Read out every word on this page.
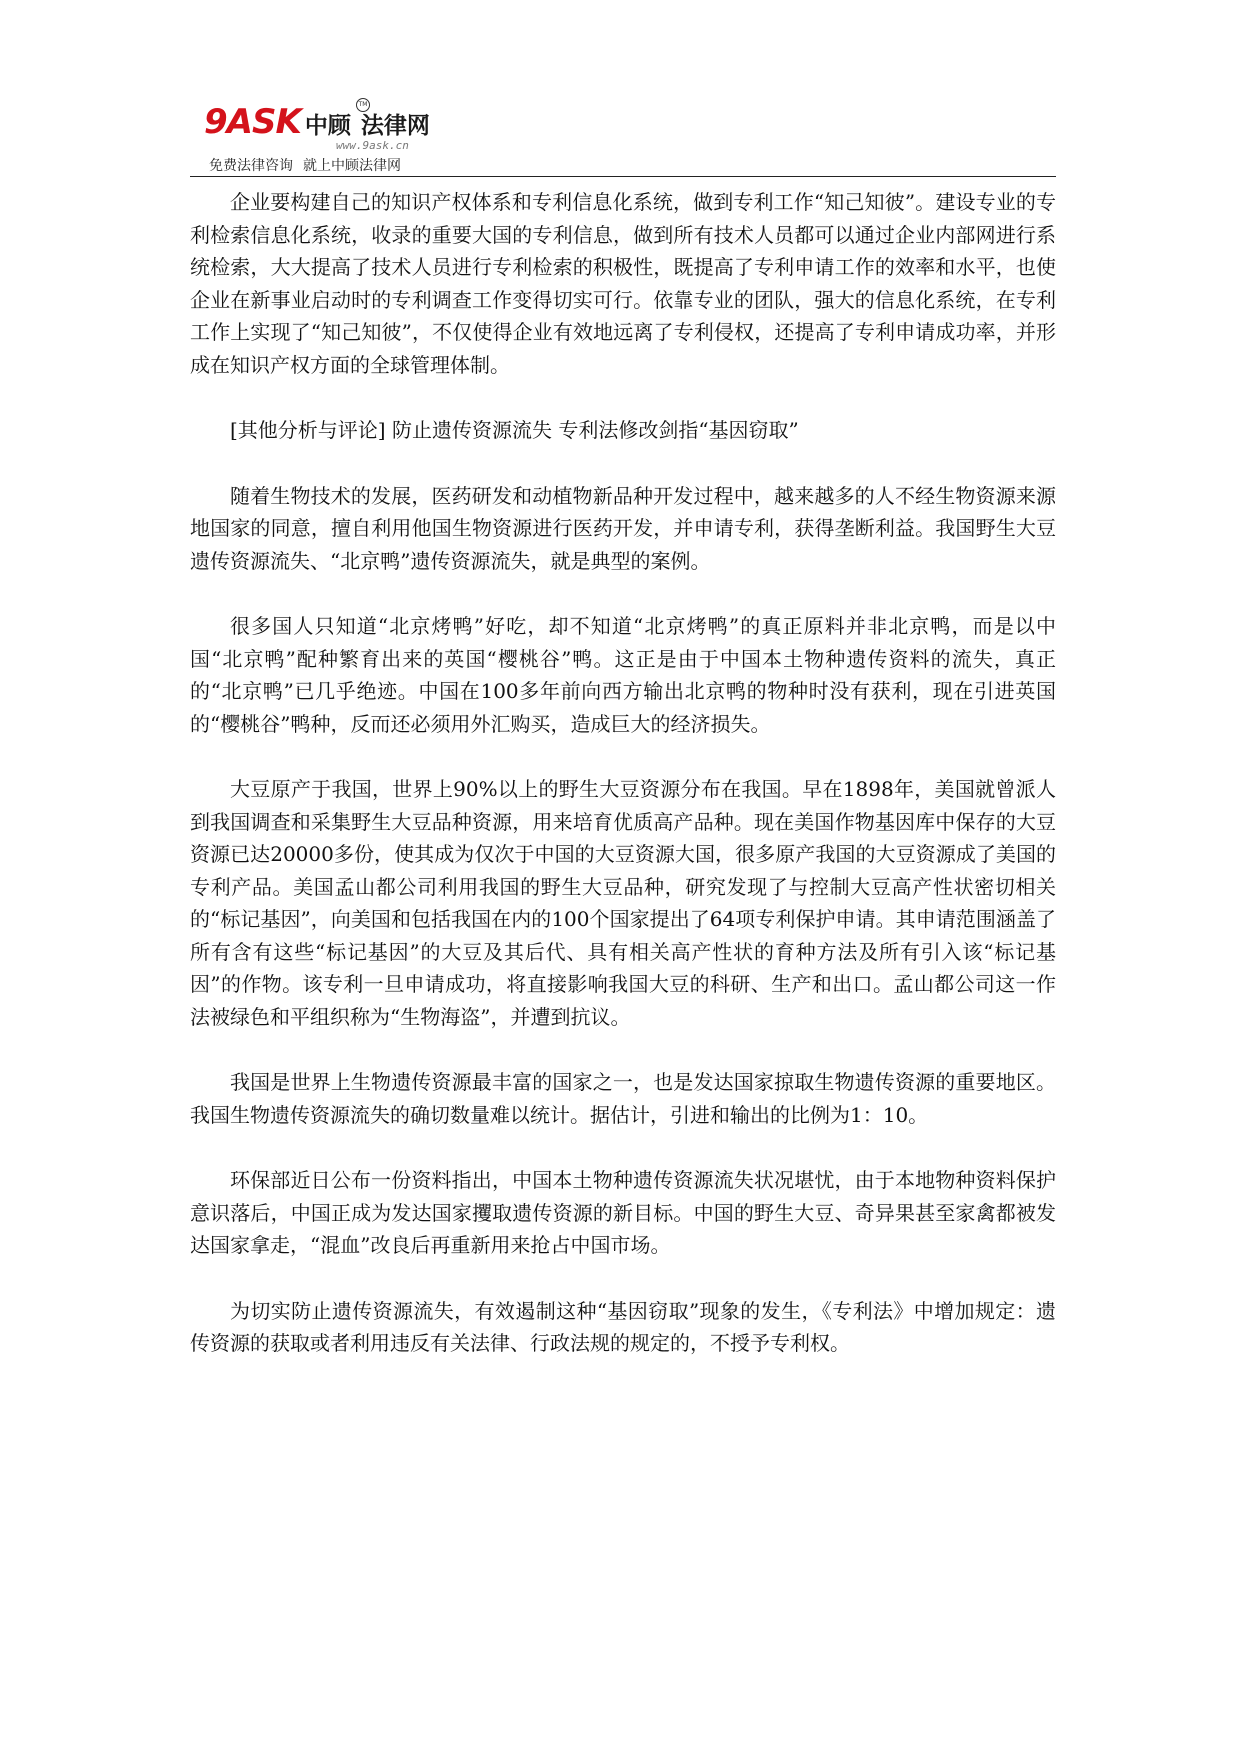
9ASK 中顾 法律网
TM
www.9ask.cn
免费法律咨询 就上中顾法律网

企业要构建自己的知识产权体系和专利信息化系统，做到专利工作“知己知彼”。建设专业的专利检索信息化系统，收录的重要大国的专利信息，做到所有技术人员都可以通过企业内部网进行系统检索，大大提高了技术人员进行专利检索的积极性，既提高了专利申请工作的效率和水平，也使企业在新事业启动时的专利调查工作变得切实可行。依靠专业的团队，强大的信息化系统，在专利工作上实现了“知己知彼”，不仅使得企业有效地远离了专利侵权，还提高了专利申请成功率，并形成在知识产权方面的全球管理体制。

[其他分析与评论] 防止遗传资源流失 专利法修改剑指“基因窃取”

随着生物技术的发展，医药研发和动植物新品种开发过程中，越来越多的人不经生物资源来源地国家的同意，擅自利用他国生物资源进行医药开发，并申请专利，获得垄断利益。我国野生大豆遗传资源流失、“北京鸭”遗传资源流失，就是典型的案例。

很多国人只知道“北京烤鸭”好吃，却不知道“北京烤鸭”的真正原料并非北京鸭，而是以中国“北京鸭”配种繁育出来的英国“樱桃谷”鸭。这正是由于中国本土物种遗传资料的流失，真正的“北京鸭”已几乎绝迹。中国在100多年前向西方输出北京鸭的物种时没有获利，现在引进英国的“樱桃谷”鸭种，反而还必须用外汇购买，造成巨大的经济损失。

大豆原产于我国，世界上90%以上的野生大豆资源分布在我国。早在1898年，美国就曾派人到我国调查和采集野生大豆品种资源，用来培育优质高产品种。现在美国作物基因库中保存的大豆资源已达20000多份，使其成为仅次于中国的大豆资源大国，很多原产我国的大豆资源成了美国的专利产品。美国孟山都公司利用我国的野生大豆品种，研究发现了与控制大豆高产性状密切相关的“标记基因”，向美国和包括我国在内的100个国家提出了64项专利保护申请。其申请范围涵盖了所有含有这些“标记基因”的大豆及其后代、具有相关高产性状的育种方法及所有引入该“标记基因”的作物。该专利一旦申请成功，将直接影响我国大豆的科研、生产和出口。孟山都公司这一作法被绿色和平组织称为“生物海盗”，并遭到抗议。

我国是世界上生物遗传资源最丰富的国家之一，也是发达国家掠取生物遗传资源的重要地区。我国生物遗传资源流失的确切数量难以统计。据估计，引进和输出的比例为1：10。

环保部近日公布一份资料指出，中国本土物种遗传资源流失状况堪忧，由于本地物种资料保护意识落后，中国正成为发达国家攫取遗传资源的新目标。中国的野生大豆、奇异果甚至家禽都被发达国家拿走，“混血”改良后再重新用来抢占中国市场。

为切实防止遗传资源流失，有效遏制这种“基因窃取”现象的发生，《专利法》中增加规定：遗传资源的获取或者利用违反有关法律、行政法规的规定的，不授予专利权。
